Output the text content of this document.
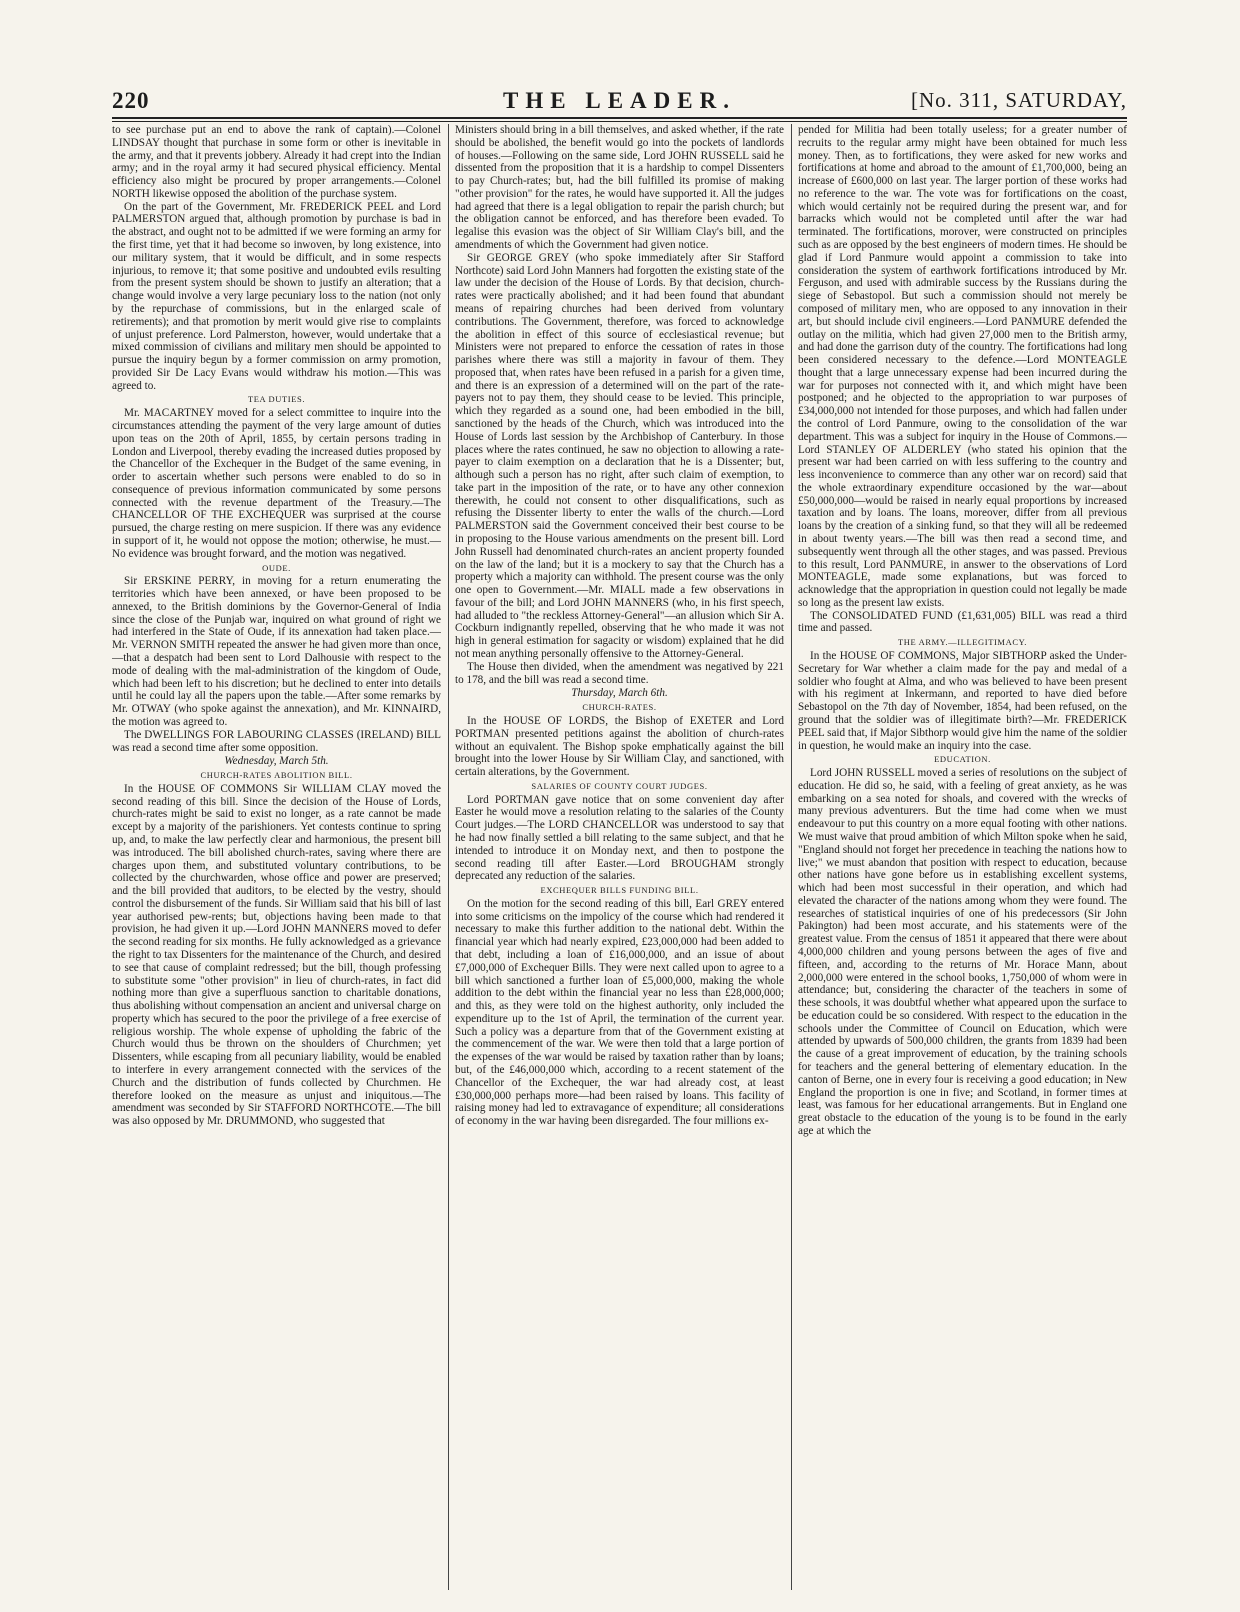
220	THE LEADER.	[No. 311, SATURDAY,

to see purchase put an end to above the rank of captain).—Colonel LINDSAY thought that purchase in some form or other is inevitable in the army, and that it prevents jobbery. Already it had crept into the Indian army; and in the royal army it had secured physical efficiency. Mental efficiency also might be procured by proper arrangements.—Colonel NORTH likewise opposed the abolition of the purchase system.

On the part of the Government, Mr. FREDERICK PEEL and Lord PALMERSTON argued that, although promotion by purchase is bad in the abstract, and ought not to be admitted if we were forming an army for the first time, yet that it had become so inwoven, by long existence, into our military system, that it would be difficult, and in some respects injurious, to remove it; that some positive and undoubted evils resulting from the present system should be shown to justify an alteration; that a change would involve a very large pecuniary loss to the nation (not only by the repurchase of commissions, but in the enlarged scale of retirements); and that promotion by merit would give rise to complaints of unjust preference. Lord Palmerston, however, would undertake that a mixed commission of civilians and military men should be appointed to pursue the inquiry begun by a former commission on army promotion, provided Sir De Lacy Evans would withdraw his motion.—This was agreed to.

TEA DUTIES.

Mr. MACARTNEY moved for a select committee to inquire into the circumstances attending the payment of the very large amount of duties upon teas on the 20th of April, 1855, by certain persons trading in London and Liverpool, thereby evading the increased duties proposed by the Chancellor of the Exchequer in the Budget of the same evening, in order to ascertain whether such persons were enabled to do so in consequence of previous information communicated by some persons connected with the revenue department of the Treasury.—The CHANCELLOR OF THE EXCHEQUER was surprised at the course pursued, the charge resting on mere suspicion. If there was any evidence in support of it, he would not oppose the motion; otherwise, he must.—No evidence was brought forward, and the motion was negatived.

OUDE.

Sir ERSKINE PERRY, in moving for a return enumerating the territories which have been annexed, or have been proposed to be annexed, to the British dominions by the Governor-General of India since the close of the Punjab war, inquired on what ground of right we had interfered in the State of Oude, if its annexation had taken place.—Mr. VERNON SMITH repeated the answer he had given more than once,—that a despatch had been sent to Lord Dalhousie with respect to the mode of dealing with the mal-administration of the kingdom of Oude, which had been left to his discretion; but he declined to enter into details until he could lay all the papers upon the table.—After some remarks by Mr. OTWAY (who spoke against the annexation), and Mr. KINNAIRD, the motion was agreed to.

The DWELLINGS FOR LABOURING CLASSES (IRELAND) BILL was read a second time after some opposition.

Wednesday, March 5th.
CHURCH-RATES ABOLITION BILL.

In the HOUSE OF COMMONS Sir WILLIAM CLAY moved the second reading of this bill. Since the decision of the House of Lords, church-rates might be said to exist no longer, as a rate cannot be made except by a majority of the parishioners. Yet contests continue to spring up, and, to make the law perfectly clear and harmonious, the present bill was introduced. The bill abolished church-rates, saving where there are charges upon them, and substituted voluntary contributions, to be collected by the churchwarden, whose office and power are preserved; and the bill provided that auditors, to be elected by the vestry, should control the disbursement of the funds. Sir William said that his bill of last year authorised pew-rents; but, objections having been made to that provision, he had given it up.—Lord JOHN MANNERS moved to defer the second reading for six months. He fully acknowledged as a grievance the right to tax Dissenters for the maintenance of the Church, and desired to see that cause of complaint redressed; but the bill, though professing to substitute some "other provision" in lieu of church-rates, in fact did nothing more than give a superfluous sanction to charitable donations, thus abolishing without compensation an ancient and universal charge on property which has secured to the poor the privilege of a free exercise of religious worship. The whole expense of upholding the fabric of the Church would thus be thrown on the shoulders of Churchmen; yet Dissenters, while escaping from all pecuniary liability, would be enabled to interfere in every arrangement connected with the services of the Church and the distribution of funds collected by Churchmen. He therefore looked on the measure as unjust and iniquitous.—The amendment was seconded by Sir STAFFORD NORTHCOTE.—The bill was also opposed by Mr. DRUMMOND, who suggested that

Ministers should bring in a bill themselves, and asked whether, if the rate should be abolished, the benefit would go into the pockets of landlords of houses.—Following on the same side, Lord JOHN RUSSELL said he dissented from the proposition that it is a hardship to compel Dissenters to pay Church-rates; but, had the bill fulfilled its promise of making "other provision" for the rates, he would have supported it. All the judges had agreed that there is a legal obligation to repair the parish church; but the obligation cannot be enforced, and has therefore been evaded. To legalise this evasion was the object of Sir William Clay's bill, and the amendments of which the Government had given notice.

Sir GEORGE GREY (who spoke immediately after Sir Stafford Northcote) said Lord John Manners had forgotten the existing state of the law under the decision of the House of Lords. By that decision, church-rates were practically abolished; and it had been found that abundant means of repairing churches had been derived from voluntary contributions. The Government, therefore, was forced to acknowledge the abolition in effect of this source of ecclesiastical revenue; but Ministers were not prepared to enforce the cessation of rates in those parishes where there was still a majority in favour of them. They proposed that, when rates have been refused in a parish for a given time, and there is an expression of a determined will on the part of the rate-payers not to pay them, they should cease to be levied. This principle, which they regarded as a sound one, had been embodied in the bill, sanctioned by the heads of the Church, which was introduced into the House of Lords last session by the Archbishop of Canterbury. In those places where the rates continued, he saw no objection to allowing a rate-payer to claim exemption on a declaration that he is a Dissenter; but, although such a person has no right, after such claim of exemption, to take part in the imposition of the rate, or to have any other connexion therewith, he could not consent to other disqualifications, such as refusing the Dissenter liberty to enter the walls of the church.—Lord PALMERSTON said the Government conceived their best course to be in proposing to the House various amendments on the present bill. Lord John Russell had denominated church-rates an ancient property founded on the law of the land; but it is a mockery to say that the Church has a property which a majority can withhold. The present course was the only one open to Government.—Mr. MIALL made a few observations in favour of the bill; and Lord JOHN MANNERS (who, in his first speech, had alluded to "the reckless Attorney-General"—an allusion which Sir A. Cockburn indignantly repelled, observing that he who made it was not high in general estimation for sagacity or wisdom) explained that he did not mean anything personally offensive to the Attorney-General.

The House then divided, when the amendment was negatived by 221 to 178, and the bill was read a second time.

Thursday, March 6th.
CHURCH-RATES.

In the HOUSE OF LORDS, the Bishop of EXETER and Lord PORTMAN presented petitions against the abolition of church-rates without an equivalent. The Bishop spoke emphatically against the bill brought into the lower House by Sir William Clay, and sanctioned, with certain alterations, by the Government.

SALARIES OF COUNTY COURT JUDGES.

Lord PORTMAN gave notice that on some convenient day after Easter he would move a resolution relating to the salaries of the County Court judges.—The LORD CHANCELLOR was understood to say that he had now finally settled a bill relating to the same subject, and that he intended to introduce it on Monday next, and then to postpone the second reading till after Easter.—Lord BROUGHAM strongly deprecated any reduction of the salaries.

EXCHEQUER BILLS FUNDING BILL.

On the motion for the second reading of this bill, Earl GREY entered into some criticisms on the impolicy of the course which had rendered it necessary to make this further addition to the national debt. Within the financial year which had nearly expired, £23,000,000 had been added to that debt, including a loan of £16,000,000, and an issue of about £7,000,000 of Exchequer Bills. They were next called upon to agree to a bill which sanctioned a further loan of £5,000,000, making the whole addition to the debt within the financial year no less than £28,000,000; and this, as they were told on the highest authority, only included the expenditure up to the 1st of April, the termination of the current year. Such a policy was a departure from that of the Government existing at the commencement of the war. We were then told that a large portion of the expenses of the war would be raised by taxation rather than by loans; but, of the £46,000,000 which, according to a recent statement of the Chancellor of the Exchequer, the war had already cost, at least £30,000,000 perhaps more—had been raised by loans. This facility of raising money had led to extravagance of expenditure; all considerations of economy in the war having been disregarded. The four millions ex-

pended for Militia had been totally useless; for a greater number of recruits to the regular army might have been obtained for much less money. Then, as to fortifications, they were asked for new works and fortifications at home and abroad to the amount of £1,700,000, being an increase of £600,000 on last year. The larger portion of these works had no reference to the war. The vote was for fortifications on the coast, which would certainly not be required during the present war, and for barracks which would not be completed until after the war had terminated. The fortifications, morover, were constructed on principles such as are opposed by the best engineers of modern times. He should be glad if Lord Panmure would appoint a commission to take into consideration the system of earthwork fortifications introduced by Mr. Ferguson, and used with admirable success by the Russians during the siege of Sebastopol. But such a commission should not merely be composed of military men, who are opposed to any innovation in their art, but should include civil engineers.—Lord PANMURE defended the outlay on the militia, which had given 27,000 men to the British army, and had done the garrison duty of the country. The fortifications had long been considered necessary to the defence.—Lord MONTEAGLE thought that a large unnecessary expense had been incurred during the war for purposes not connected with it, and which might have been postponed; and he objected to the appropriation to war purposes of £34,000,000 not intended for those purposes, and which had fallen under the control of Lord Panmure, owing to the consolidation of the war department. This was a subject for inquiry in the House of Commons.—Lord STANLEY OF ALDERLEY (who stated his opinion that the present war had been carried on with less suffering to the country and less inconvenience to commerce than any other war on record) said that the whole extraordinary expenditure occasioned by the war—about £50,000,000—would be raised in nearly equal proportions by increased taxation and by loans. The loans, moreover, differ from all previous loans by the creation of a sinking fund, so that they will all be redeemed in about twenty years.—The bill was then read a second time, and subsequently went through all the other stages, and was passed. Previous to this result, Lord PANMURE, in answer to the observations of Lord MONTEAGLE, made some explanations, but was forced to acknowledge that the appropriation in question could not legally be made so long as the present law exists.

The CONSOLIDATED FUND (£1,631,005) BILL was read a third time and passed.

THE ARMY.—ILLEGITIMACY.

In the HOUSE OF COMMONS, Major SIBTHORP asked the Under-Secretary for War whether a claim made for the pay and medal of a soldier who fought at Alma, and who was believed to have been present with his regiment at Inkermann, and reported to have died before Sebastopol on the 7th day of November, 1854, had been refused, on the ground that the soldier was of illegitimate birth?—Mr. FREDERICK PEEL said that, if Major Sibthorp would give him the name of the soldier in question, he would make an inquiry into the case.

EDUCATION.

Lord JOHN RUSSELL moved a series of resolutions on the subject of education. He did so, he said, with a feeling of great anxiety, as he was embarking on a sea noted for shoals, and covered with the wrecks of many previous adventurers. But the time had come when we must endeavour to put this country on a more equal footing with other nations. We must waive that proud ambition of which Milton spoke when he said, "England should not forget her precedence in teaching the nations how to live;" we must abandon that position with respect to education, because other nations have gone before us in establishing excellent systems, which had been most successful in their operation, and which had elevated the character of the nations among whom they were found. The researches of statistical inquiries of one of his predecessors (Sir John Pakington) had been most accurate, and his statements were of the greatest value. From the census of 1851 it appeared that there were about 4,000,000 children and young persons between the ages of five and fifteen, and, according to the returns of Mr. Horace Mann, about 2,000,000 were entered in the school books, 1,750,000 of whom were in attendance; but, considering the character of the teachers in some of these schools, it was doubtful whether what appeared upon the surface to be education could be so considered. With respect to the education in the schools under the Committee of Council on Education, which were attended by upwards of 500,000 children, the grants from 1839 had been the cause of a great improvement of education, by the training schools for teachers and the general bettering of elementary education. In the canton of Berne, one in every four is receiving a good education; in New England the proportion is one in five; and Scotland, in former times at least, was famous for her educational arrangements. But in England one great obstacle to the education of the young is to be found in the early age at which the
